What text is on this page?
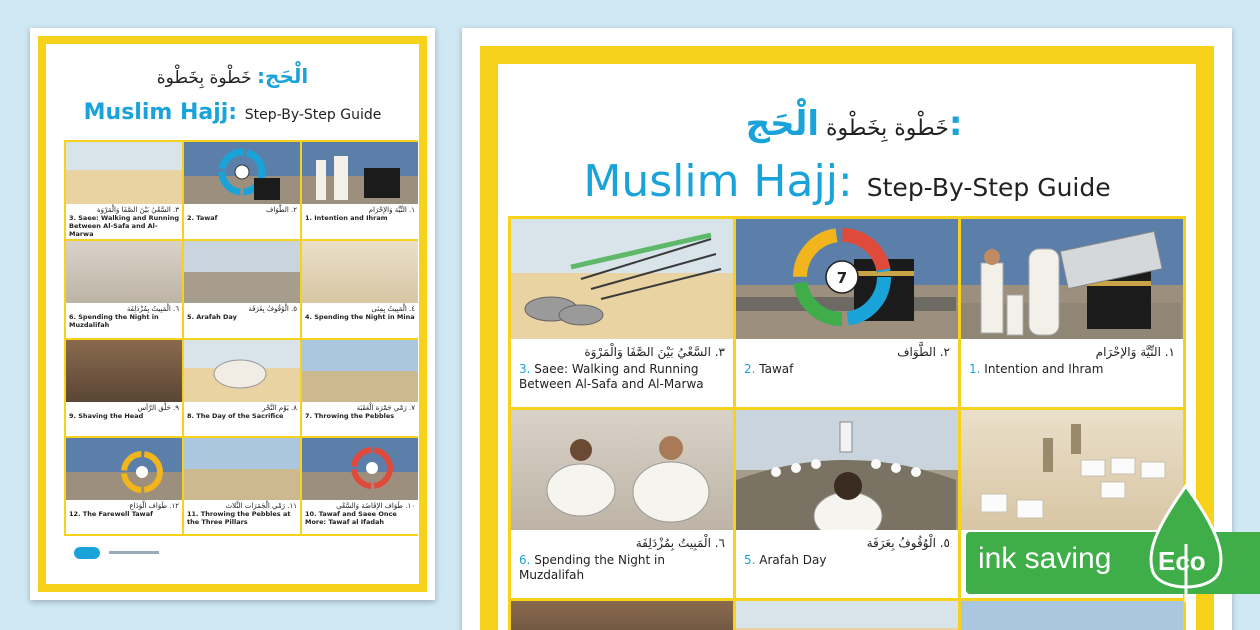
الْحَج: خَطْوة بِخَطْوة
Muslim Hajj: Step-By-Step Guide
٣. السَّعْيُ بَيْنَ الصَّفَا وَالْمَرْوَة
3. Saee: Walking and Running Between Al-Safa and Al-Marwa
٢. الطَّوَاف
2. Tawaf
١. النِّيَّة وَالإحْرَام
1. Intention and Ihram
٦. الْمَبِيتُ بِمُزْدَلِفَة
6. Spending the Night in Muzdalifah
٥. الْوُقُوفُ بِعَرَفَة
5. Arafah Day
٤. الْمَبِيتُ بِمِنَى
4. Spending the Night in Mina
٩. حَلْق الرَّأس
9. Shaving the Head
٨. يَوْم النَّحْر
8. The Day of the Sacrifice
٧. رَمْي جَمْرَة الْعَقَبَة
7. Throwing the Pebbles
١٢. طَوَاف الْوَدَاع
12. The Farewell Tawaf
١١. رَمْي الْجَمَرَات الثَّلاث
11. Throwing the Pebbles at the Three Pillars
١٠. طَوَاف الإفَاضَة وَالسَّعْي
10. Tawaf and Saee Once More: Tawaf al Ifadah

خَطْوة بِخَطْوة الْحَج:
Muslim Hajj: Step-By-Step Guide
٣. السَّعْيُ بَيْنَ الصَّفَا وَالْمَرْوَة
3. Saee: Walking and Running Between Al-Safa and Al-Marwa
7
٢. الطَّوَاف
2. Tawaf
١. النِّيَّة وَالإحْرَام
1. Intention and Ihram
٦. الْمَبِيتُ بِمُزْدَلِفَة
6. Spending the Night in Muzdalifah
٥. الْوُقُوفُ بِعَرَفَة
5. Arafah Day	ink saving Eco
